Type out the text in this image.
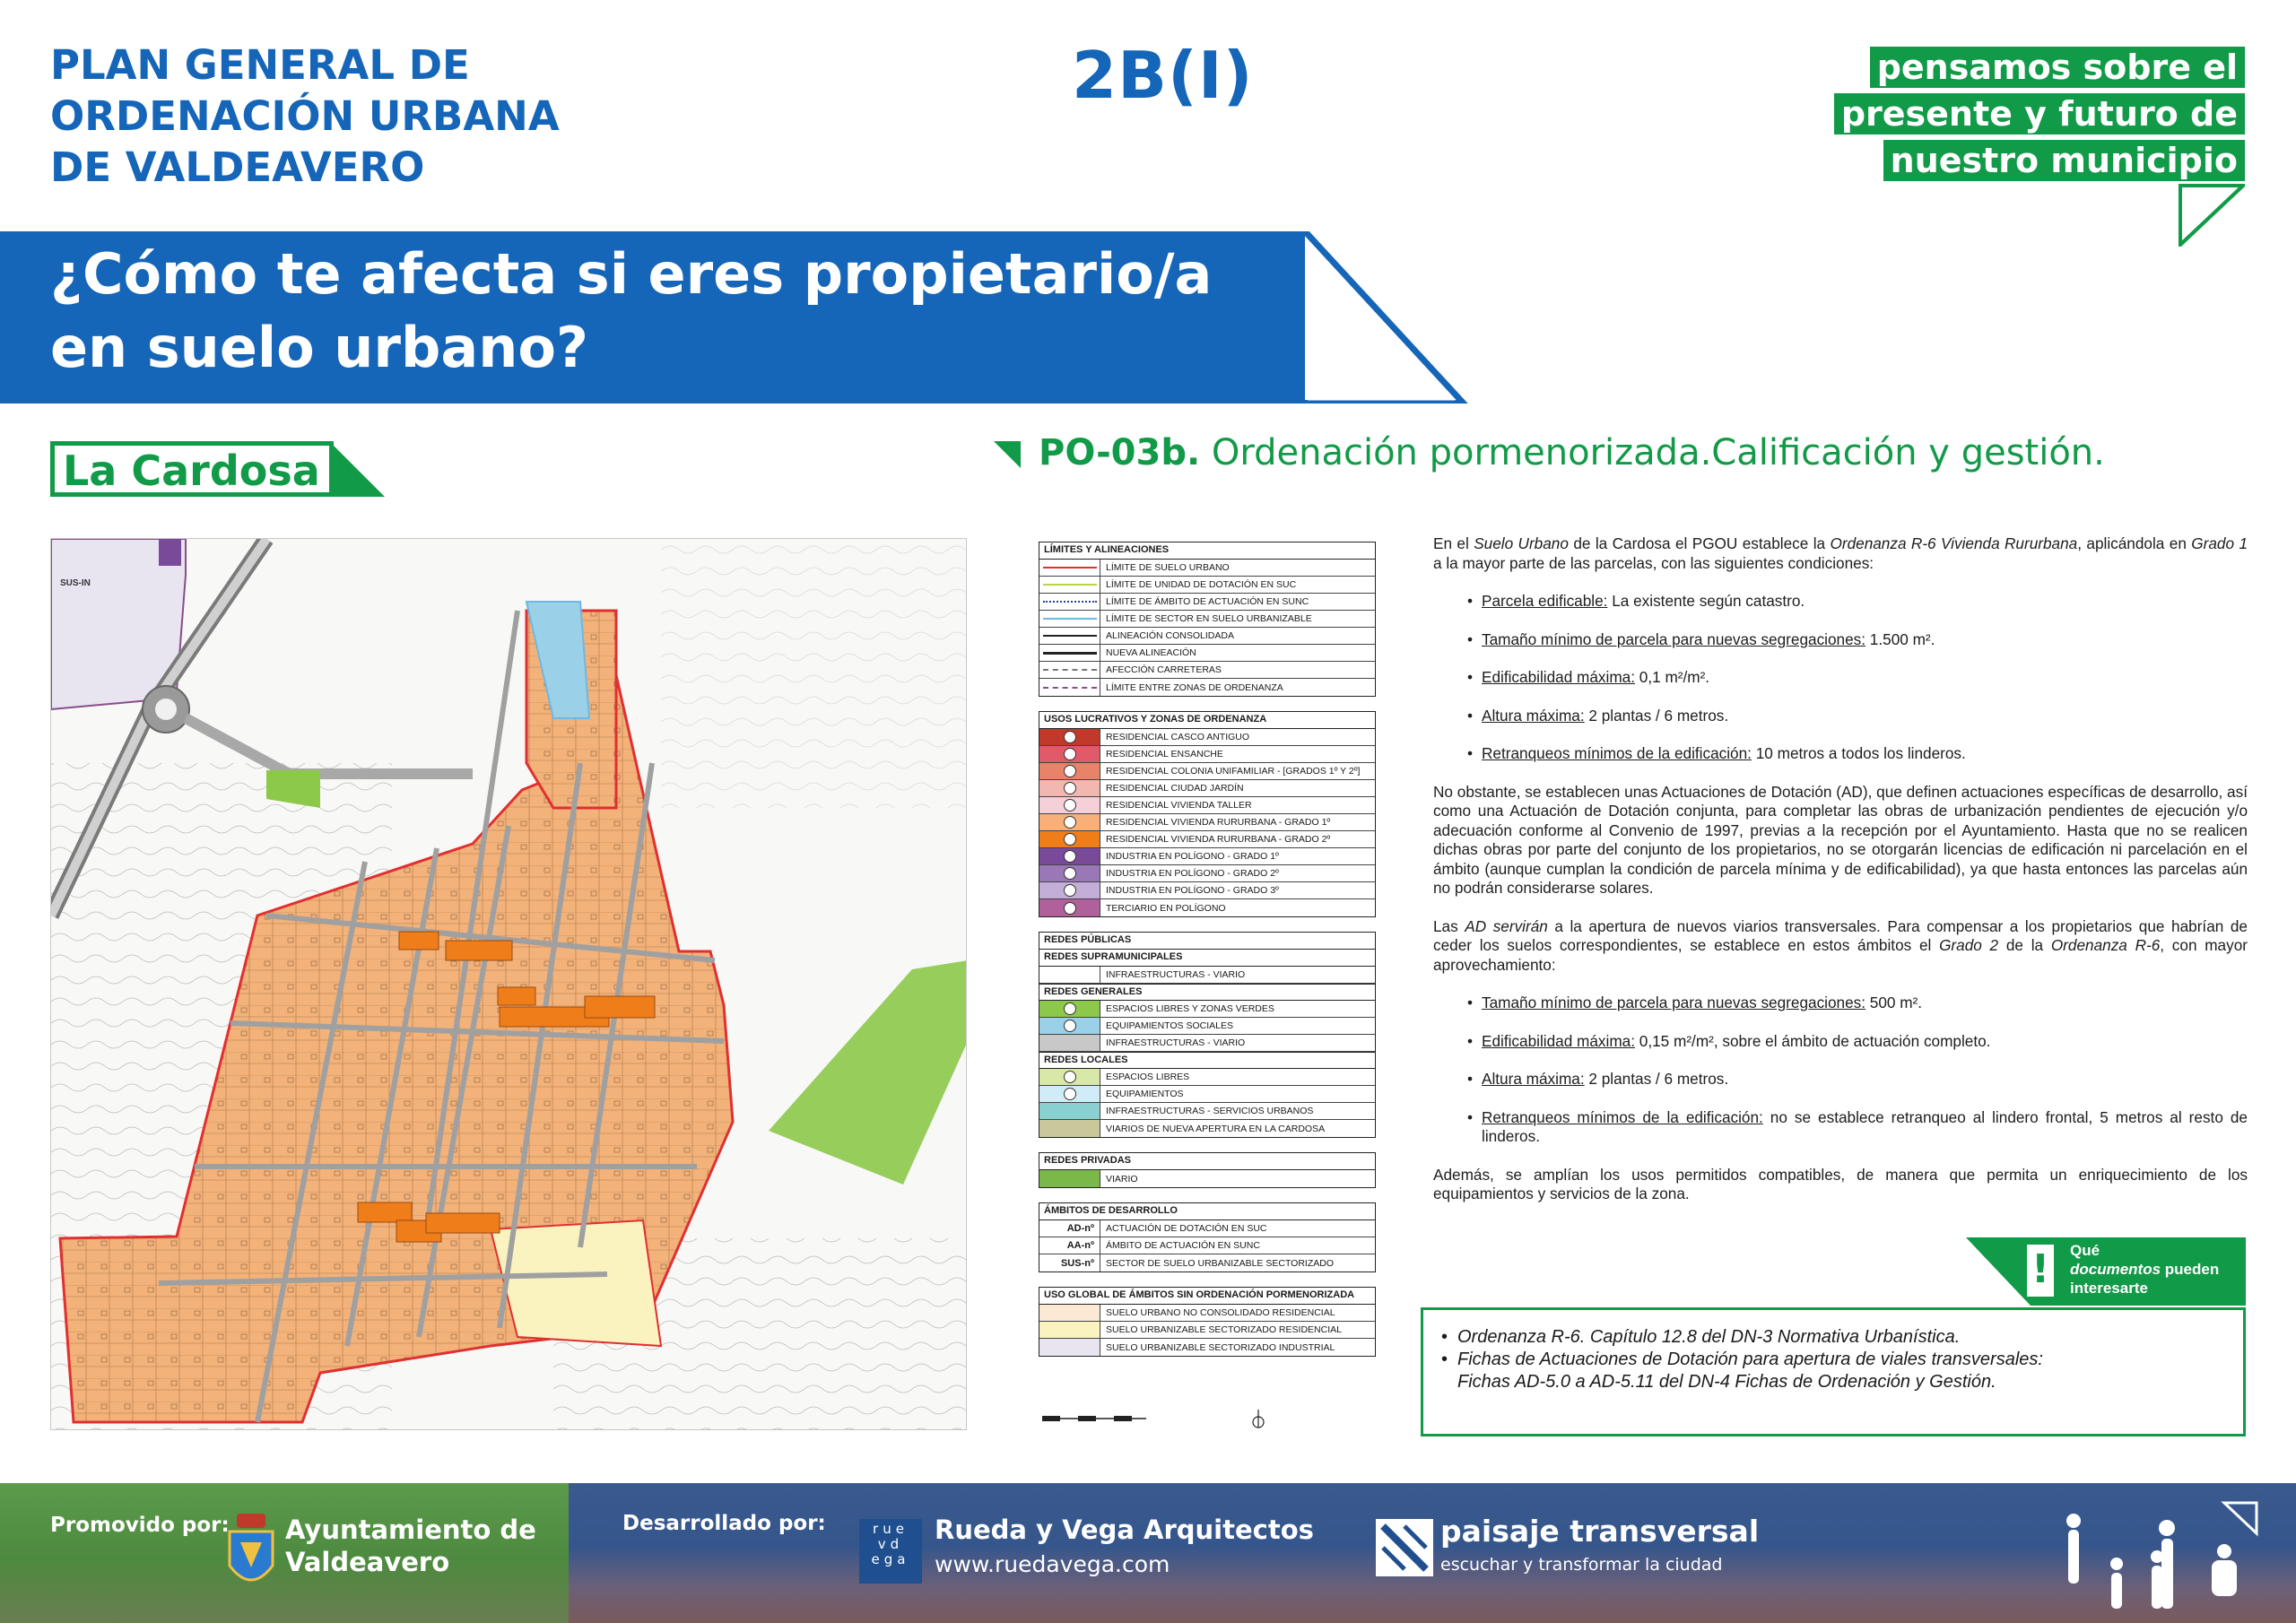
PLAN GENERAL DE
ORDENACIÓN URBANA
DE VALDEAVERO
2B(I)	pensamos sobre el
presente y futuro de
nuestro municipio
¿Cómo te afecta si eres propietario/a
en suelo urbano?
La Cardosa	PO-03b. Ordenación pormenorizada.Calificación y gestión.
SUS-IN
LÍMITES Y ALINEACIONES
LÍMITE DE SUELO URBANO
LÍMITE DE UNIDAD DE DOTACIÓN EN SUC
LÍMITE DE ÁMBITO DE ACTUACIÓN EN SUNC
LÍMITE DE SECTOR EN SUELO URBANIZABLE
ALINEACIÓN CONSOLIDADA
NUEVA ALINEACIÓN
AFECCIÓN CARRETERAS
LÍMITE ENTRE ZONAS DE ORDENANZA
USOS LUCRATIVOS Y ZONAS DE ORDENANZA
RESIDENCIAL CASCO ANTIGUO
RESIDENCIAL ENSANCHE
RESIDENCIAL COLONIA UNIFAMILIAR - [GRADOS 1º Y 2º]
RESIDENCIAL CIUDAD JARDÍN
RESIDENCIAL VIVIENDA TALLER
RESIDENCIAL VIVIENDA RURURBANA - GRADO 1º
RESIDENCIAL VIVIENDA RURURBANA - GRADO 2º
INDUSTRIA EN POLÍGONO - GRADO 1º
INDUSTRIA EN POLÍGONO - GRADO 2º
INDUSTRIA EN POLÍGONO - GRADO 3º
TERCIARIO EN POLÍGONO
REDES PÚBLICAS
REDES SUPRAMUNICIPALES
INFRAESTRUCTURAS - VIARIO
REDES GENERALES
ESPACIOS LIBRES Y ZONAS VERDES
EQUIPAMIENTOS SOCIALES
INFRAESTRUCTURAS - VIARIO
REDES LOCALES
ESPACIOS LIBRES
EQUIPAMIENTOS
INFRAESTRUCTURAS - SERVICIOS URBANOS
VIARIOS DE NUEVA APERTURA EN LA CARDOSA
REDES PRIVADAS
VIARIO
ÁMBITOS DE DESARROLLO
AD-nº	ACTUACIÓN DE DOTACIÓN EN SUC
AA-nº	ÁMBITO DE ACTUACIÓN EN SUNC
SUS-nº	SECTOR DE SUELO URBANIZABLE SECTORIZADO
USO GLOBAL DE ÁMBITOS SIN ORDENACIÓN PORMENORIZADA
SUELO URBANO NO CONSOLIDADO RESIDENCIAL
SUELO URBANIZABLE SECTORIZADO RESIDENCIAL
SUELO URBANIZABLE SECTORIZADO INDUSTRIAL

En el Suelo Urbano de la Cardosa el PGOU establece la Ordenanza R-6 Vivienda Rururbana, aplicándola en Grado 1 a la mayor parte de las parcelas, con las siguientes condiciones:

• Parcela edificable: La existente según catastro.
• Tamaño mínimo de parcela para nuevas segregaciones: 1.500 m².
• Edificabilidad máxima: 0,1 m²/m².
• Altura máxima: 2 plantas / 6 metros.
• Retranqueos mínimos de la edificación: 10 metros a todos los linderos.

No obstante, se establecen unas Actuaciones de Dotación (AD), que definen actuaciones específicas de desarrollo, así como una Actuación de Dotación conjunta, para completar las obras de urbanización pendientes de ejecución y/o adecuación conforme al Convenio de 1997, previas a la recepción por el Ayuntamiento. Hasta que no se realicen dichas obras por parte del conjunto de los propietarios, no se otorgarán licencias de edificación ni parcelación en el ámbito (aunque cumplan la condición de parcela mínima y de edificabilidad), ya que hasta entonces las parcelas aún no podrán considerarse solares.

Las AD servirán a la apertura de nuevos viarios transversales. Para compensar a los propietarios que habrían de ceder los suelos correspondientes, se establece en estos ámbitos el Grado 2 de la Ordenanza R-6, con mayor aprovechamiento:

• Tamaño mínimo de parcela para nuevas segregaciones: 500 m².
• Edificabilidad máxima: 0,15 m²/m², sobre el ámbito de actuación completo.
• Altura máxima: 2 plantas / 6 metros.
• Retranqueos mínimos de la edificación: no se establece retranqueo al lindero frontal, 5 metros al resto de linderos.

Además, se amplían los usos permitidos compatibles, de manera que permita un enriquecimiento de los equipamientos y servicios de la zona.

! Qué
documentos pueden
interesarte
• Ordenanza R-6. Capítulo 12.8 del DN-3 Normativa Urbanística.
• Fichas de Actuaciones de Dotación para apertura de viales transversales:
Fichas AD-5.0 a AD-5.11 del DN-4 Fichas de Ordenación y Gestión.
Promovido por: Ayuntamiento de
Valdeavero
Desarrollado por:	rue
vd
ega
Rueda y Vega Arquitectos
www.ruedavega.com
paisaje transversal
escuchar y transformar la ciudad
